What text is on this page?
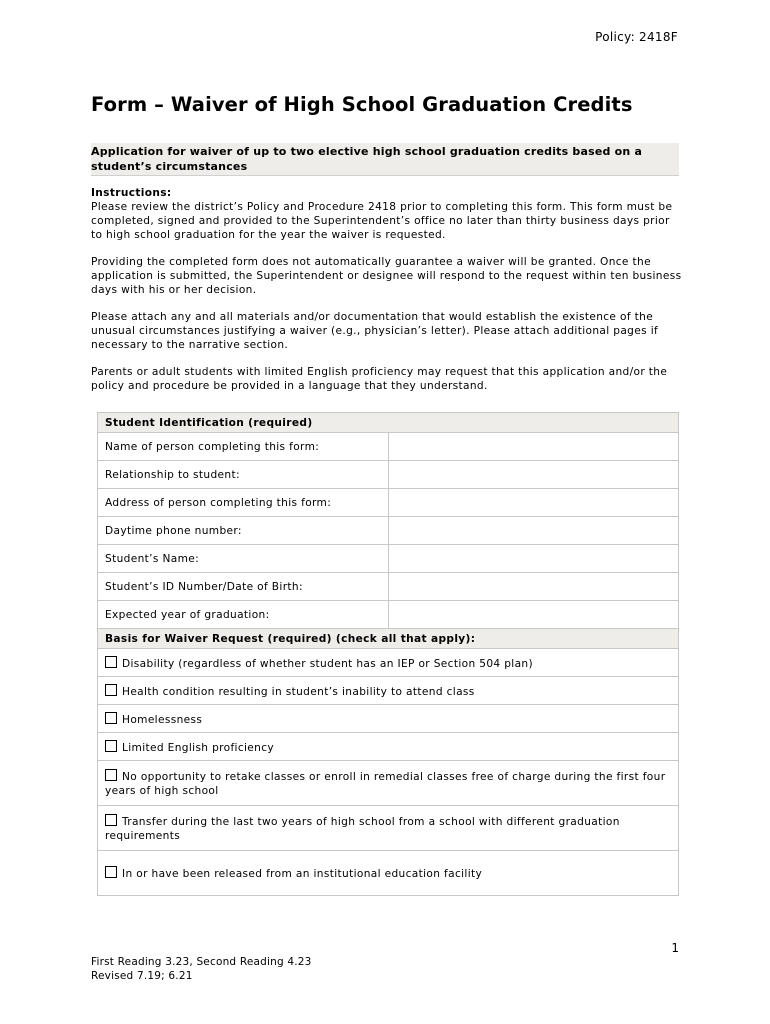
Policy: 2418F
Form – Waiver of High School Graduation Credits
Application for waiver of up to two elective high school graduation credits based on a student’s circumstances

Instructions:
Please review the district’s Policy and Procedure 2418 prior to completing this form. This form must be completed, signed and provided to the Superintendent’s office no later than thirty business days prior to high school graduation for the year the waiver is requested.

Providing the completed form does not automatically guarantee a waiver will be granted. Once the application is submitted, the Superintendent or designee will respond to the request within ten business days with his or her decision.

Please attach any and all materials and/or documentation that would establish the existence of the unusual circumstances justifying a waiver (e.g., physician’s letter). Please attach additional pages if necessary to the narrative section.

Parents or adult students with limited English proficiency may request that this application and/or the policy and procedure be provided in a language that they understand.

Student Identification (required)	
Name of person completing this form:	
Relationship to student:	
Address of person completing this form:	
Daytime phone number:	
Student’s Name:	
Student’s ID Number/Date of Birth:	
Expected year of graduation:	
Basis for Waiver Request (required) (check all that apply):	
Disability (regardless of whether student has an IEP or Section 504 plan)	
Health condition resulting in student’s inability to attend class	
Homelessness	
Limited English proficiency	
No opportunity to retake classes or enroll in remedial classes free of charge during the first four years of high school	
Transfer during the last two years of high school from a school with different graduation requirements	
In or have been released from an institutional education facility	
1
First Reading 3.23, Second Reading 4.23
Revised 7.19; 6.21
